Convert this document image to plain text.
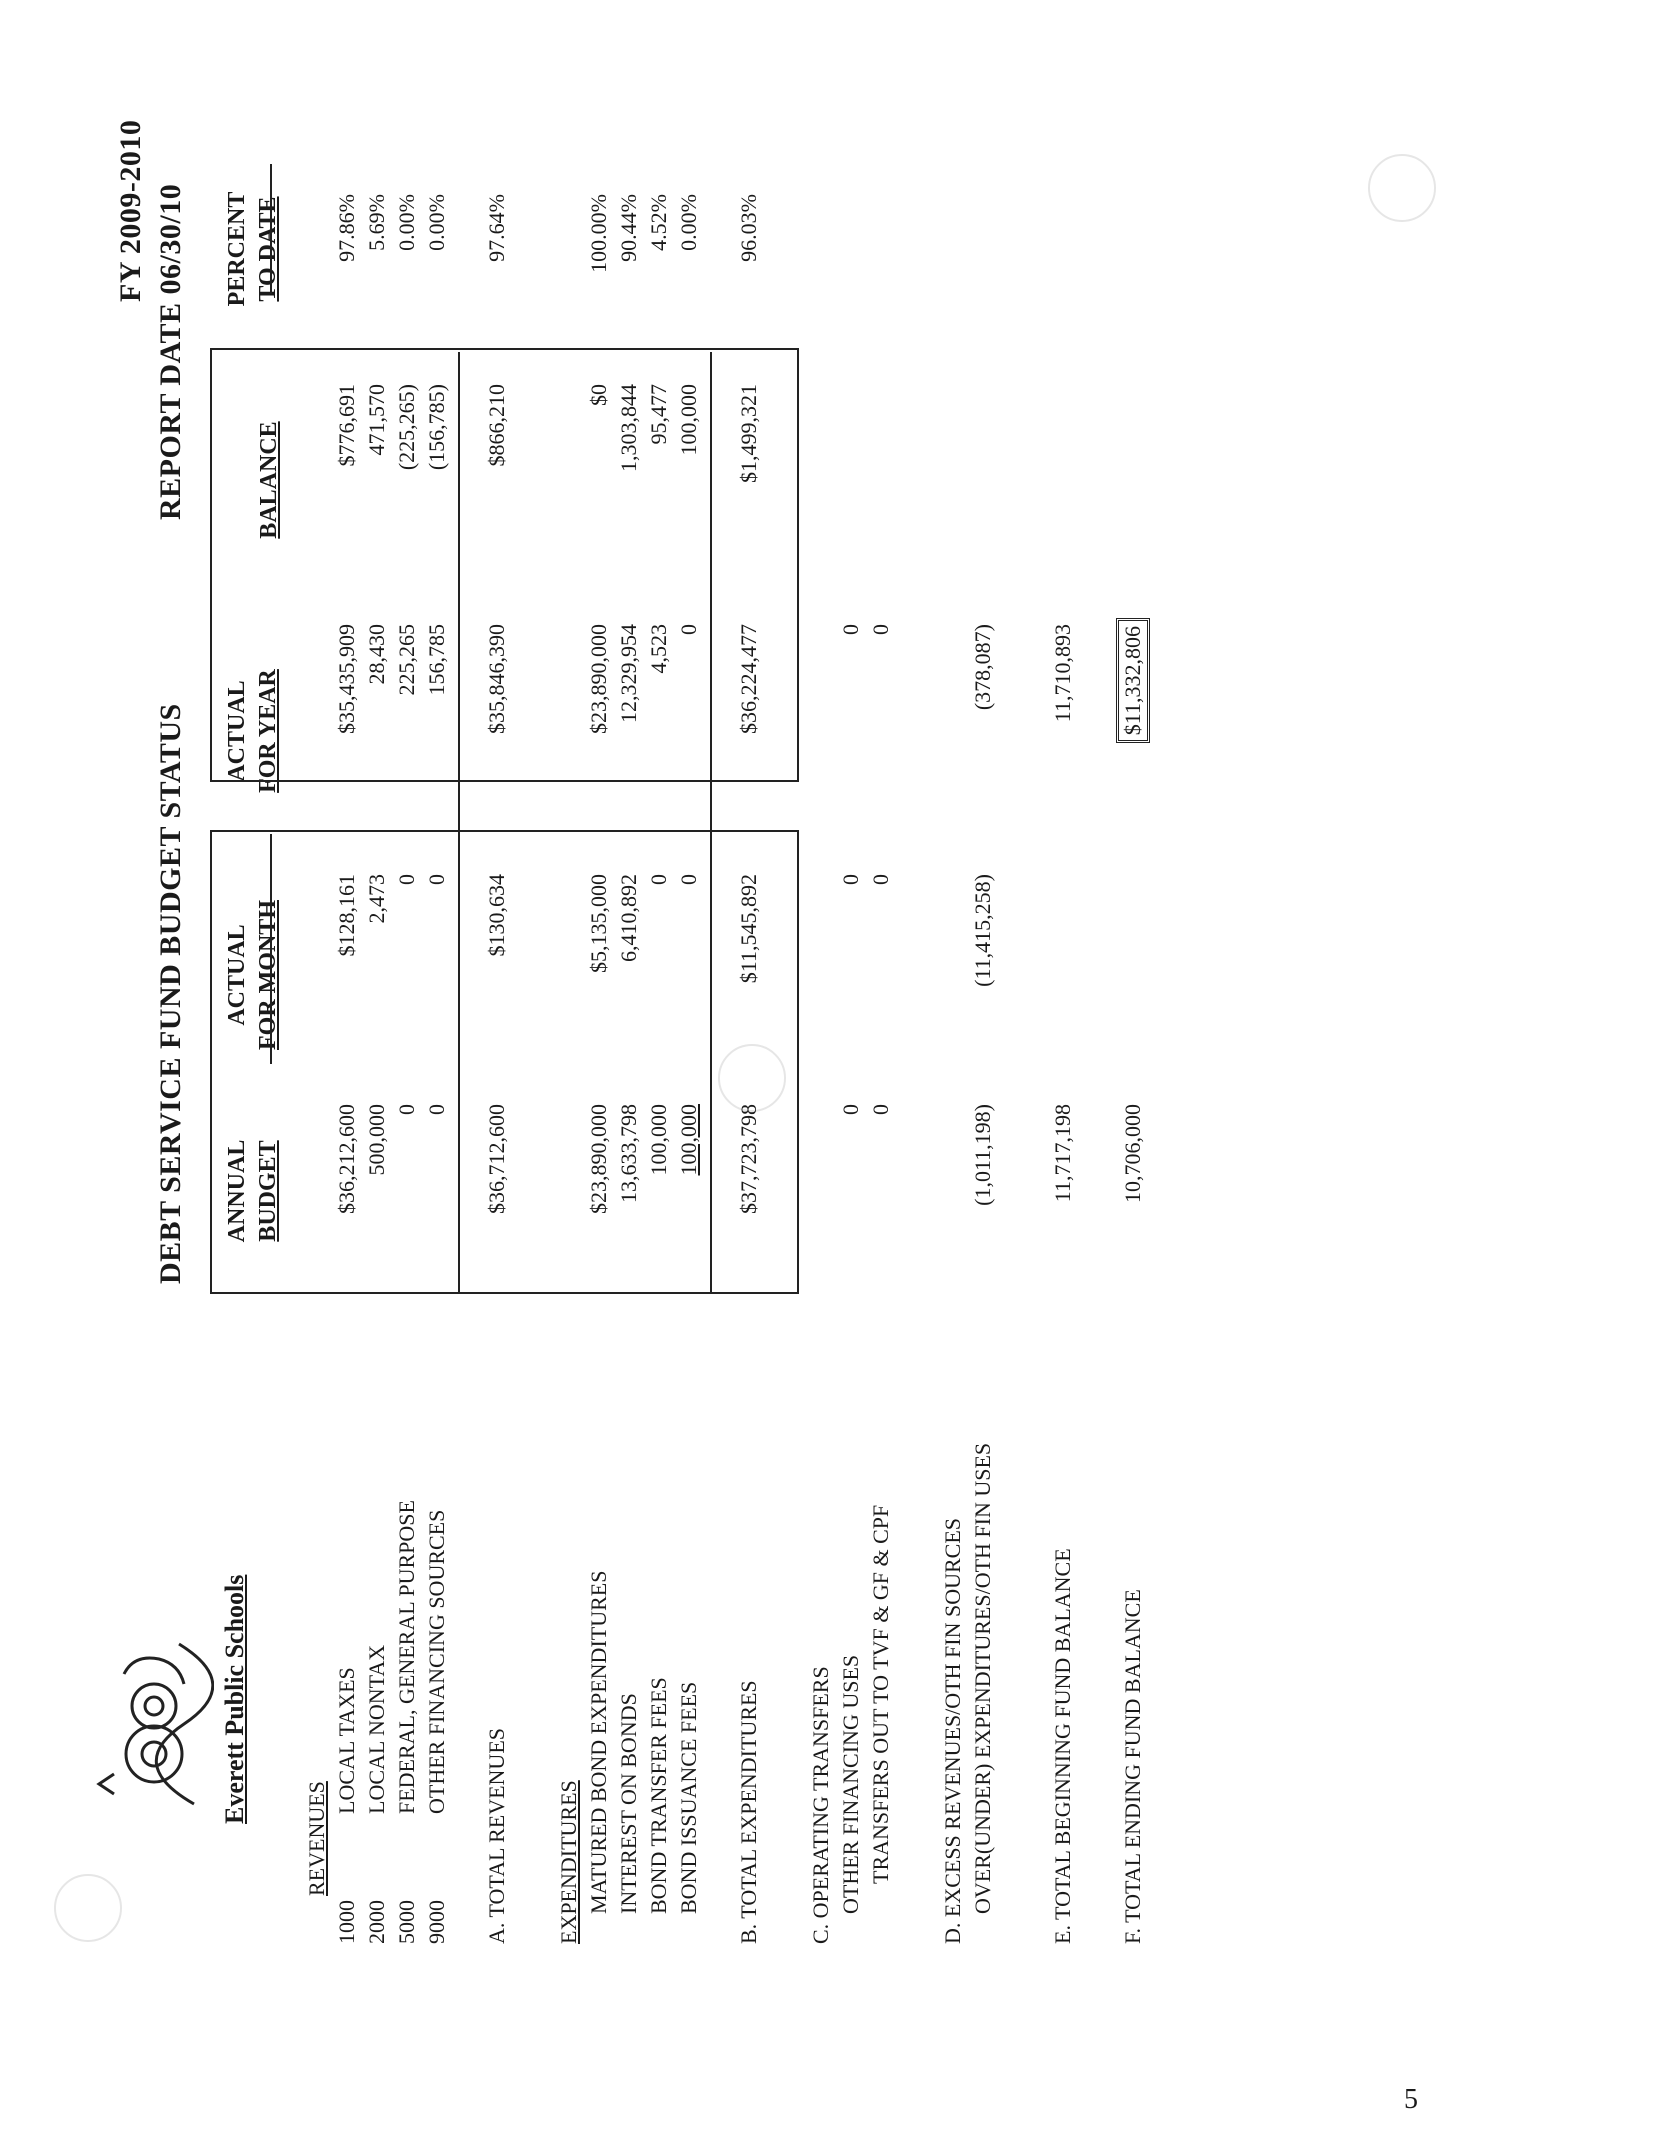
5
Everett Public Schools
DEBT SERVICE FUND BUDGET STATUS
FY 2009-2010 REPORT DATE 06/30/10
ANNUAL BUDGET
ACTUAL FOR MONTH
ACTUAL FOR YEAR
BALANCE
PERCENT TO DATE
REVENUES
1000
LOCAL TAXES
$36,212,600
$128,161
$35,435,909
$776,691
97.86%
2000
LOCAL NONTAX
500,000
2,473
28,430
471,570
5.69%
5000
FEDERAL, GENERAL PURPOSE
0
0
225,265
(225,265)
0.00%
9000
OTHER FINANCING SOURCES
0
0
156,785
(156,785)
0.00%
A. TOTAL REVENUES
$36,712,600
$130,634
$35,846,390
$866,210
97.64%
EXPENDITURES MATURED BOND EXPENDITURES
$23,890,000
$5,135,000
$23,890,000
$0
100.00%
INTEREST ON BONDS
13,633,798
6,410,892
12,329,954
1,303,844
90.44%
BOND TRANSFER FEES
100,000
0
4,523
95,477
4.52%
BOND ISSUANCE FEES
100,000
0
0
100,000
0.00%
B. TOTAL EXPENDITURES
$37,723,798
$11,545,892
$36,224,477
$1,499,321
96.03%
C. OPERATING TRANSFERS OTHER FINANCING USES
0
0
0
TRANSFERS OUT TO TVF & GF & CPF
0
0
0
D. EXCESS REVENUES/OTH FIN SOURCES OVER(UNDER) EXPENDITURES/OTH FIN USES
(1,011,198)
(11,415,258)
(378,087)
E. TOTAL BEGINNING FUND BALANCE
11,717,198
11,710,893
F. TOTAL ENDING FUND BALANCE
10,706,000
$11,332,806
